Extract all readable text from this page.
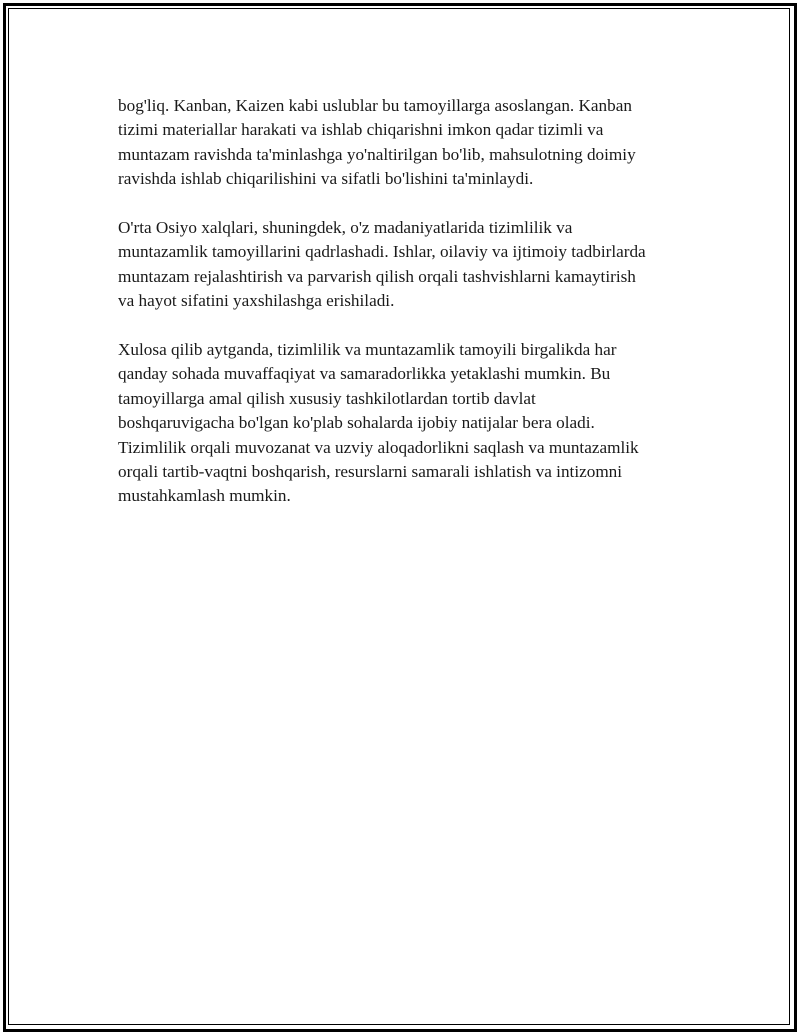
bog'liq. Kanban, Kaizen kabi uslublar bu tamoyillarga asoslangan. Kanban
tizimi materiallar harakati va ishlab chiqarishni imkon qadar tizimli va
muntazam ravishda ta'minlashga yo'naltirilgan bo'lib, mahsulotning doimiy
ravishda ishlab chiqarilishini va sifatli bo'lishini ta'minlaydi.

O'rta Osiyo xalqlari, shuningdek, o'z madaniyatlarida tizimlilik va
muntazamlik tamoyillarini qadrlashadi. Ishlar, oilaviy va ijtimoiy tadbirlarda
muntazam rejalashtirish va parvarish qilish orqali tashvishlarni kamaytirish
va hayot sifatini yaxshilashga erishiladi.

Xulosa qilib aytganda, tizimlilik va muntazamlik tamoyili birgalikda har
qanday sohada muvaffaqiyat va samaradorlikka yetaklashi mumkin. Bu
tamoyillarga amal qilish xususiy tashkilotlardan tortib davlat
boshqaruvigacha bo'lgan ko'plab sohalarda ijobiy natijalar bera oladi.
Tizimlilik orqali muvozanat va uzviy aloqadorlikni saqlash va muntazamlik
orqali tartib-vaqtni boshqarish, resurslarni samarali ishlatish va intizomni
mustahkamlash mumkin.
